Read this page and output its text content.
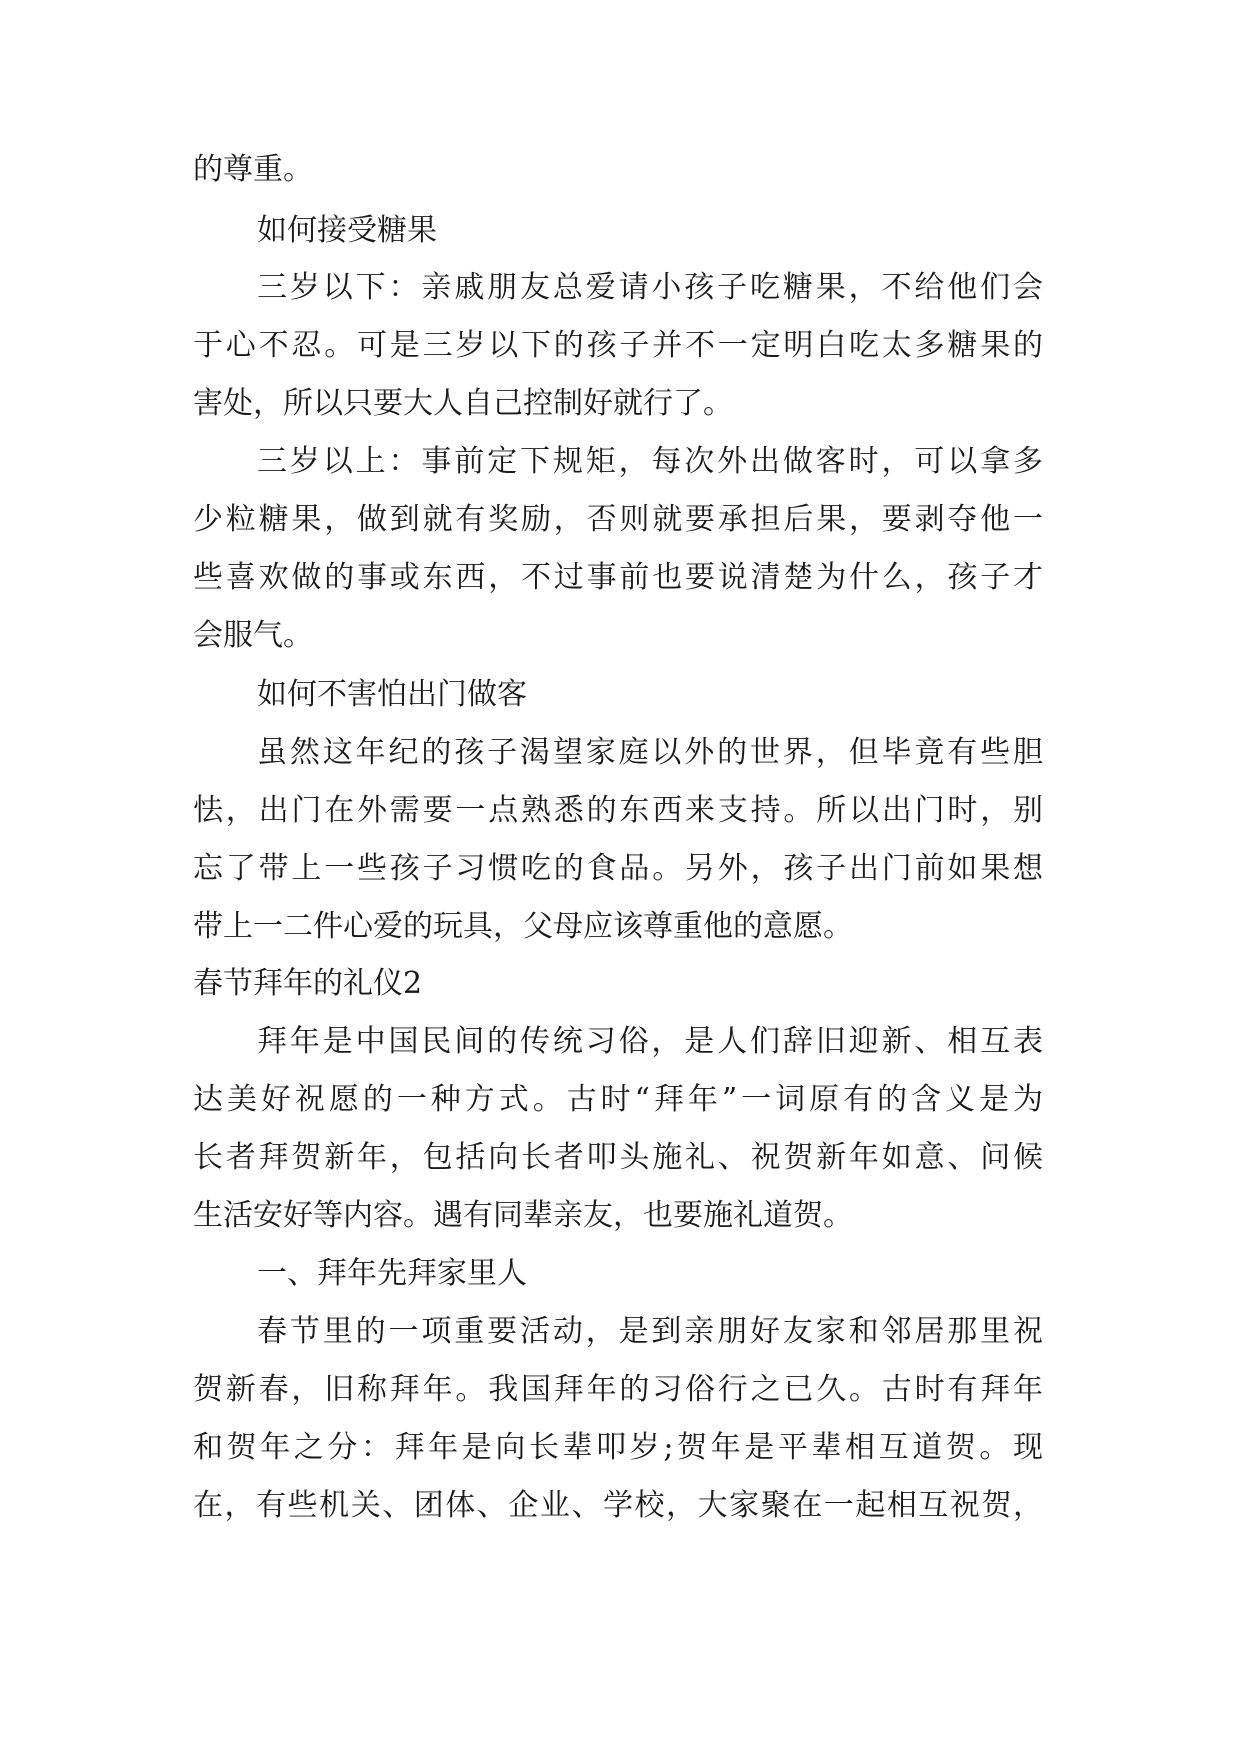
的尊重。
如何接受糖果
三岁以下：亲戚朋友总爱请小孩子吃糖果，不给他们会
于心不忍。可是三岁以下的孩子并不一定明白吃太多糖果的
害处，所以只要大人自己控制好就行了。
三岁以上：事前定下规矩，每次外出做客时，可以拿多
少粒糖果，做到就有奖励，否则就要承担后果，要剥夺他一
些喜欢做的事或东西，不过事前也要说清楚为什么，孩子才
会服气。
如何不害怕出门做客
虽然这年纪的孩子渴望家庭以外的世界，但毕竟有些胆
怯，出门在外需要一点熟悉的东西来支持。所以出门时，别
忘了带上一些孩子习惯吃的食品。另外，孩子出门前如果想
带上一二件心爱的玩具，父母应该尊重他的意愿。
春节拜年的礼仪2
拜年是中国民间的传统习俗，是人们辞旧迎新、相互表
达美好祝愿的一种方式。古时“拜年”一词原有的含义是为
长者拜贺新年，包括向长者叩头施礼、祝贺新年如意、问候
生活安好等内容。遇有同辈亲友，也要施礼道贺。
一、拜年先拜家里人
春节里的一项重要活动，是到亲朋好友家和邻居那里祝
贺新春，旧称拜年。我国拜年的习俗行之已久。古时有拜年
和贺年之分：拜年是向长辈叩岁;贺年是平辈相互道贺。现
在，有些机关、团体、企业、学校，大家聚在一起相互祝贺，
